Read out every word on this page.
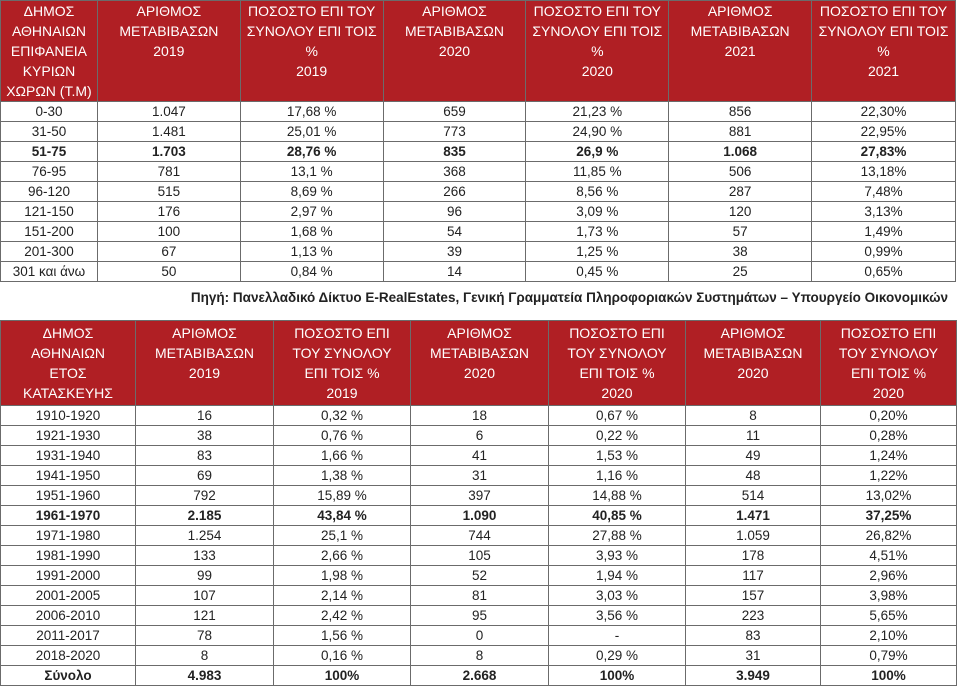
ΔΗΜΟΣ
ΑΘΗΝΑΙΩΝ
ΕΠΙΦΑΝΕΙΑ
ΚΥΡΙΩΝ
ΧΩΡΩΝ (Τ.Μ)	ΑΡΙΘΜΟΣ
ΜΕΤΑΒΙΒΑΣΩΝ
2019	ΠΟΣΟΣΤΟ ΕΠΙ ΤΟΥ
ΣΥΝΟΛΟΥ ΕΠΙ ΤΟΙΣ
%
2019	ΑΡΙΘΜΟΣ
ΜΕΤΑΒΙΒΑΣΩΝ
2020	ΠΟΣΟΣΤΟ ΕΠΙ ΤΟΥ
ΣΥΝΟΛΟΥ ΕΠΙ ΤΟΙΣ
%
2020	ΑΡΙΘΜΟΣ
ΜΕΤΑΒΙΒΑΣΩΝ
2021	ΠΟΣΟΣΤΟ ΕΠΙ ΤΟΥ
ΣΥΝΟΛΟΥ ΕΠΙ ΤΟΙΣ
%
2021

0-30	1.047	17,68 %	659	21,23 %	856	22,30%
31-50	1.481	25,01 %	773	24,90 %	881	22,95%
51-75	1.703	28,76 %	835	26,9 %	1.068	27,83%
76-95	781	13,1 %	368	11,85 %	506	13,18%
96-120	515	8,69 %	266	8,56 %	287	7,48%
121-150	176	2,97 %	96	3,09 %	120	3,13%
151-200	100	1,68 %	54	1,73 %	57	1,49%
201-300	67	1,13 %	39	1,25 %	38	0,99%
301 και άνω	50	0,84 %	14	0,45 %	25	0,65%
Πηγή: Πανελλαδικό Δίκτυο E-RealEstates, Γενική Γραμματεία Πληροφοριακών Συστημάτων – Υπουργείο Οικονομικών
ΔΗΜΟΣ
ΑΘΗΝΑΙΩΝ
ΕΤΟΣ
ΚΑΤΑΣΚΕΥΗΣ	ΑΡΙΘΜΟΣ
ΜΕΤΑΒΙΒΑΣΩΝ
2019	ΠΟΣΟΣΤΟ ΕΠΙ
ΤΟΥ ΣΥΝΟΛΟΥ
ΕΠΙ ΤΟΙΣ %
2019	ΑΡΙΘΜΟΣ
ΜΕΤΑΒΙΒΑΣΩΝ
2020	ΠΟΣΟΣΤΟ ΕΠΙ
ΤΟΥ ΣΥΝΟΛΟΥ
ΕΠΙ ΤΟΙΣ %
2020	ΑΡΙΘΜΟΣ
ΜΕΤΑΒΙΒΑΣΩΝ
2020	ΠΟΣΟΣΤΟ ΕΠΙ
ΤΟΥ ΣΥΝΟΛΟΥ
ΕΠΙ ΤΟΙΣ %
2020

1910-1920	16	0,32 %	18	0,67 %	8	0,20%
1921-1930	38	0,76 %	6	0,22 %	11	0,28%
1931-1940	83	1,66 %	41	1,53 %	49	1,24%
1941-1950	69	1,38 %	31	1,16 %	48	1,22%
1951-1960	792	15,89 %	397	14,88 %	514	13,02%
1961-1970	2.185	43,84 %	1.090	40,85 %	1.471	37,25%
1971-1980	1.254	25,1 %	744	27,88 %	1.059	26,82%
1981-1990	133	2,66 %	105	3,93 %	178	4,51%
1991-2000	99	1,98 %	52	1,94 %	117	2,96%
2001-2005	107	2,14 %	81	3,03 %	157	3,98%
2006-2010	121	2,42 %	95	3,56 %	223	5,65%
2011-2017	78	1,56 %	0	-	83	2,10%
2018-2020	8	0,16 %	8	0,29 %	31	0,79%
Σύνολο	4.983	100%	2.668	100%	3.949	100%
